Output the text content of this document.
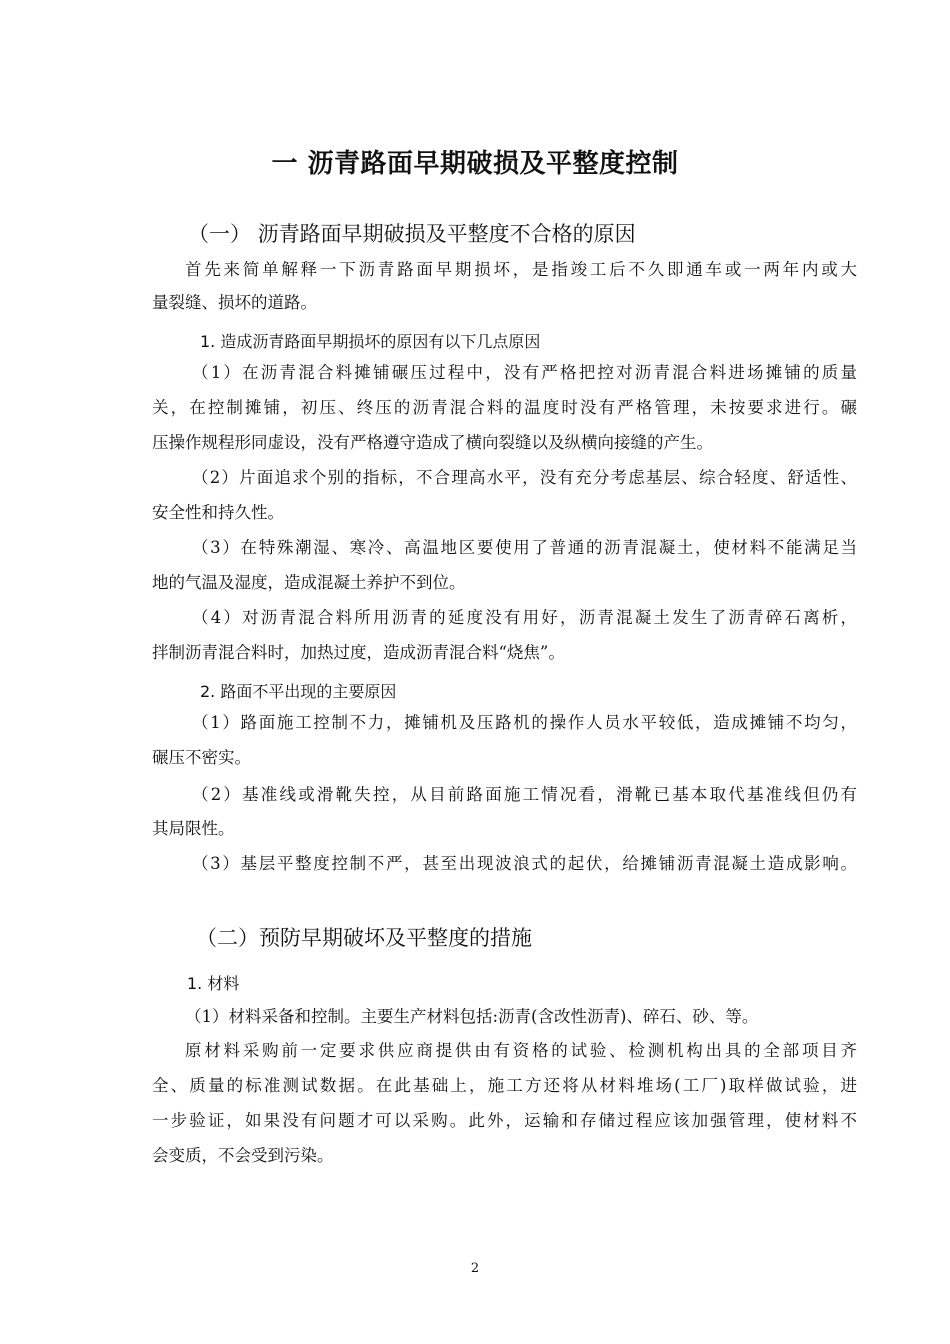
一 沥青路面早期破损及平整度控制
（一） 沥青路面早期破损及平整度不合格的原因
首先来简单解释一下沥青路面早期损坏，是指竣工后不久即通车或一两年内或大
量裂缝、损坏的道路。
1. 造成沥青路面早期损坏的原因有以下几点原因
（1）在沥青混合料摊铺碾压过程中，没有严格把控对沥青混合料进场摊铺的质量
关，在控制摊铺，初压、终压的沥青混合料的温度时没有严格管理，未按要求进行。碾
压操作规程形同虚设，没有严格遵守造成了横向裂缝以及纵横向接缝的产生。
（2）片面追求个别的指标，不合理高水平，没有充分考虑基层、综合轻度、舒适性、
安全性和持久性。
（3）在特殊潮湿、寒冷、高温地区要使用了普通的沥青混凝土，使材料不能满足当
地的气温及湿度，造成混凝土养护不到位。
（4）对沥青混合料所用沥青的延度没有用好，沥青混凝土发生了沥青碎石离析，
拌制沥青混合料时，加热过度，造成沥青混合料“烧焦”。
2. 路面不平出现的主要原因
（1）路面施工控制不力，摊铺机及压路机的操作人员水平较低，造成摊铺不均匀，
碾压不密实。
（2）基准线或滑靴失控，从目前路面施工情况看，滑靴已基本取代基准线但仍有
其局限性。
（3）基层平整度控制不严，甚至出现波浪式的起伏，给摊铺沥青混凝土造成影响。
（二）预防早期破坏及平整度的措施
1. 材料
（1）材料采备和控制。主要生产材料包括:沥青(含改性沥青)、碎石、砂、等。
原材料采购前一定要求供应商提供由有资格的试验、检测机构出具的全部项目齐
全、质量的标准测试数据。在此基础上，施工方还将从材料堆场(工厂)取样做试验，进
一步验证，如果没有问题才可以采购。此外，运输和存储过程应该加强管理，使材料不
会变质，不会受到污染。
2
